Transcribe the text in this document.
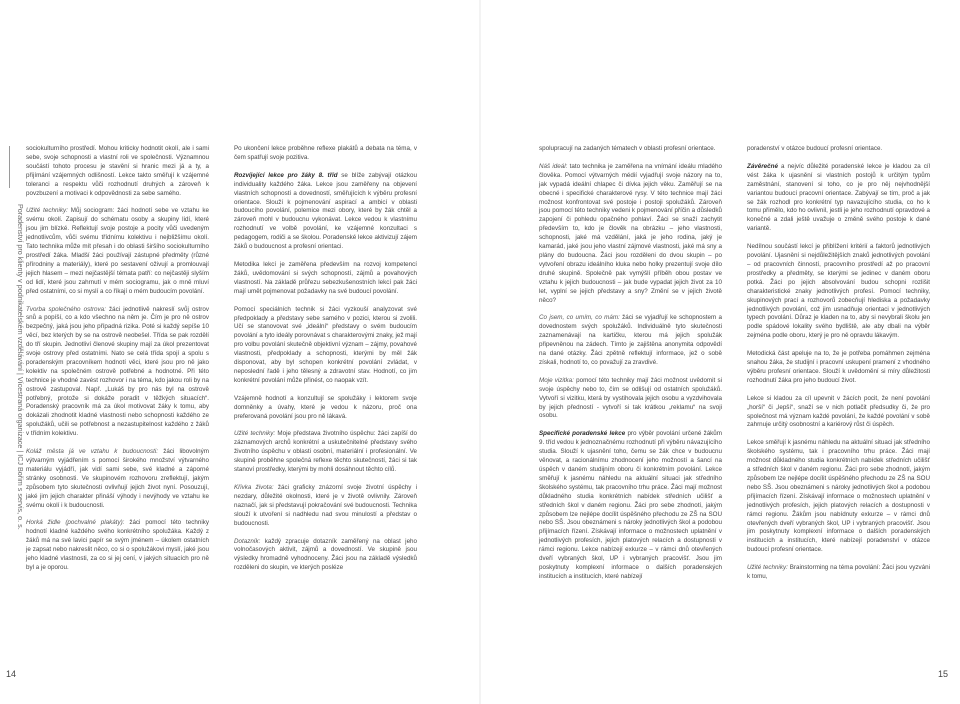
Poradenství pro klienty v podnikatelském vzdělávání | Vícestraná organizace | ICJ Bořim s servis, o. s.

sociokulturního prostředí. Mohou kriticky hodnotit okolí, ale i sami sebe, svoje schopnosti a vlastní roli ve společnosti. Významnou součástí tohoto procesu je stavění si hranic mezi já a ty, a přijímání vzájemných odlišností. Lekce takto směřují k vzájemné toleranci a respektu vůči rozhodnutí druhých a zároveň k povzbuzení a motivaci k odpovědnosti za sebe samého.

Užité techniky: Můj sociogram: žáci hodnotí sebe ve vztahu ke svému okolí. Zapisují do schématu osoby a skupiny lidí, které jsou jim blízké. Reflektují svoje postoje a pocity vůči uvedeným jednotlivcům, vůči svému třídnímu kolektivu i nejbližšímu okolí. Tato technika může mít přesah i do oblasti širšího sociokulturního prostředí žáka. Mladší žáci používají zástupné předměty (různé přírodniny a materiály), které po sestavení oživují a promlouvají jejich hlasem – mezi nejčastější témata patří: co nejčastěji slyším od lidí, které jsou zahrnutí v mém sociogramu, jak o mně mluví před ostatními, co si myslí a co říkají o mém budoucím povolání.

Tvorba společného ostrova: žáci jednotlivě nakreslí svůj ostrov snů a popíší, co a kdo všechno na něm je. Čím je pro ně ostrov bezpečný, jaká jsou jeho případná rizika. Poté si každý sepíše 10 věcí, bez kterých by se na ostrově neobešel. Třída se pak rozdělí do tří skupin. Jednotliví členové skupiny mají za úkol prezentovat svoje ostrovy před ostatními. Nato se celá třída spojí a spolu s poradenským pracovníkem hodnotí věci, které jsou pro ně jako kolektiv na společném ostrově potřebné a hodnotné. Při této technice je vhodné zavést rozhovor i na téma, kdo jakou roli by na ostrově zastupoval. Např. „Lukáš by pro nás byl na ostrově potřebný, protože si dokáže poradit v těžkých situacích“. Poradenský pracovník má za úkol motivovat žáky k tomu, aby dokázali zhodnotit kladné vlastnosti nebo schopnosti každého ze spolužáků, učili se potřebnost a nezastupitelnost každého z žáků v třídním kolektivu.

Koláž města já ve vztahu k budoucnosti: žáci libovolným výtvarným vyjádřením s pomocí širokého množství výtvarného materiálu vyjádří, jak vidí sami sebe, své kladné a záporné stránky osobnosti. Ve skupinovém rozhovoru zreflektují, jakým způsobem tyto skutečnosti ovlivňují jejich život nyní. Posouzují, jaké jim jejich charakter přináší výhody i nevýhody ve vztahu ke svému okolí i k budoucnosti.

Horká židle (pochvalné plakáty): žáci pomocí této techniky hodnotí kladné každého svého konkrétního spolužáka. Každý z žáků má na své lavici papír se svým jménem – úkolem ostatních je zapsat nebo nakreslit něco, co si o spolužákovi myslí, jaké jsou jeho kladné vlastnosti, za co si jej cení, v jakých situacích pro ně byl a je oporou.

Po ukončení lekce proběhne reflexe plakátů a debata na téma, v čem spatřují svoje pozitiva.

Rozvíjející lekce pro žáky 8. tříd se blíže zabývají otázkou individuality každého žáka. Lekce jsou zaměřeny na objevení vlastních schopností a dovedností, směřujících k výběru profesní orientace. Slouží k pojmenování aspirací a ambicí v oblasti budoucího povolání, polemice mezi obory, které by žák chtěl a zároveň mohl v budoucnu vykonávat. Lekce vedou k vlastnímu rozhodnutí ve volbě povolání, ke vzájemné konzultaci s pedagogem, rodiči a se školou. Poradenské lekce aktivizují zájem žáků o budoucnost a profesní orientaci.

Metodika lekcí je zaměřena především na rozvoj kompetencí žáků, uvědomování si svých schopností, zájmů a povahových vlastností. Na základě průřezu sebezkušenostních lekcí pak žáci mají umět pojmenovat požadavky na své budoucí povolání.

Pomocí speciálních technik si žáci vyzkouší analyzovat své předpoklady a představy sebe samého v pozici, kterou si zvolili. Učí se stanovovat své „ideální“ představy o svém budoucím povolání a tyto ideály porovnávat s charakterovými znaky, jež mají pro volbu povolání skutečně objektivní význam – zájmy, povahové vlastnosti, předpoklady a schopnosti, kterými by měl žák disponovat, aby byl schopen konkrétní povolání zvládat, v neposlední řadě i jeho tělesný a zdravotní stav. Hodnotí, co jim konkrétní povolání může přinést, co naopak vzít.

Vzájemně hodnotí a konzultují se spolužáky i lektorem svoje domněnky a úvahy, které je vedou k názoru, proč ona preferovaná povolání jsou pro ně lákavá.

Užité techniky: Moje představa životního úspěchu: žáci zapíší do záznamových archů konkrétní a uskutečnitelné představy svého životního úspěchu v oblasti osobní, materiální i profesionální. Ve skupině proběhne společná reflexe těchto skutečností, žáci si tak stanoví prostředky, kterými by mohli dosáhnout těchto cílů.

Křivka života: žáci graficky znázorní svoje životní úspěchy i nezdary, důležité okolnosti, které je v životě ovlivnily. Zároveň naznačí, jak si představují pokračování své budoucnosti. Technika slouží k utvoření si nadhledu nad svou minulostí a představ o budoucnosti.

Dotazník: každý zpracuje dotazník zaměřený na oblast jeho volnočasových aktivit, zájmů a dovedností. Ve skupině jsou výsledky hromadně vyhodnoceny. Žáci jsou na základě výsledků rozděleni do skupin, ve kterých posléze

spolupracují na zadaných tématech v oblasti profesní orientace.

Náš ideál: tato technika je zaměřena na vnímání ideálu mladého člověka. Pomocí výtvarných médií vyjadřují svoje názory na to, jak vypadá ideální chlapec či dívka jejich věku. Zaměřují se na obecné i specifické charakterové rysy. V této technice mají žáci možnost konfrontovat své postoje i postoji spolužáků. Zároveň jsou pomocí této techniky vedeni k pojmenování příčin a důsledků zapojení či pohledu opačného pohlaví. Žáci se snaží zachytit především to, kdo je člověk na obrázku – jeho vlastnosti, schopnosti, jaké má vzdělání, jaká je jeho rodina, jaký je kamarád, jaké jsou jeho vlastní zájmové vlastnosti, jaké má sny a plány do budoucna. Žáci jsou rozděleni do dvou skupin – po vytvoření obrazu ideálního kluka nebo holky prezentují svoje dílo druhé skupině. Společně pak vymýšlí příběh obou postav ve vztahu k jejich budoucnosti – jak bude vypadat jejich život za 10 let, vyplní se jejich představy a sny? Změní se v jejich životě něco?

Co jsem, co umím, co mám: žáci se vyjadřují ke schopnostem a dovednostem svých spolužáků. Individuálně tyto skutečnosti zaznamenávají na kartičku, kterou má jejich spolužák připevněnou na zádech. Tímto je zajištěna anonymita odpovědí na dané otázky. Žáci zpětně reflektují informace, jež o sobě získali, hodnotí to, co považují za zravdivé.

Moje vizitka: pomocí této techniky mají žáci možnost uvědomit si svoje úspěchy nebo to, čím se odlišují od ostatních spolužáků. Vytvoří si vizitku, která by vystihovala jejich osobu a vyzdvihovala by jejich předností - vytvoří si tak krátkou „reklamu“ na svoji osobu.

Specifické poradenské lekce pro výběr povolání určené žákům 9. tříd vedou k jednoznačnému rozhodnutí při výběru návazujícího studia. Slouží k ujasnění toho, čemu se žák chce v budoucnu věnovat, a racionálnímu zhodnocení jeho možností a šancí na úspěch v daném studijním oboru či konkrétním povolání. Lekce směřují k jasnému náhledu na aktuální situaci jak středního školského systému, tak pracovního trhu práce. Žáci mají možnost důkladného studia konkrétních nabídek středních učilišť a středních škol v daném regionu. Žáci pro sebe zhodnotí, jakým způsobem lze nejlépe docílit úspěšného přechodu ze ZŠ na SOU nebo SŠ. Jsou obeznámeni s nároky jednotlivých škol a podobou přijímacích řízení. Získávají informace o možnostech uplatnění v jednotlivých profesích, jejich platových relacích a dostupnosti v rámci regionu. Lekce nabízejí exkurze – v rámci dnů otevřených dveří vybraných škol, UP i vybraných pracovišť. Jsou jim poskytnuty komplexní informace o dalších poradenských institucích a institucích, které nabízejí

poradenství v otázce budoucí profesní orientace.

Závěrečné a nejvíc důležité poradenské lekce je kladou za cíl vést žáka k ujasnění si vlastních postojů k určitým typům zaměstnání, stanovení si toho, co je pro něj nejvhodnější variantou budoucí pracovní orientace. Zabývají se tím, proč a jak se žák rozhodl pro konkrétní typ navazujícího studia, co ho k tomu přimělo, kdo ho ovlivnil, jestli je jeho rozhodnutí opravdové a konečné a zdali ještě uvažuje o změně svého postoje k dané variantě.

Nedílnou součástí lekcí je přiblížení kritérií a faktorů jednotlivých povolání. Ujasnění si nejdůležitějších znaků jednotlivých povolání – od pracovních činností, pracovního prostředí až po pracovní prostředky a předměty, se kterými se jedinec v daném oboru potká. Žáci po jejich absolvování budou schopni rozlišit charakteristické znaky jednotlivých profesí. Pomocí techniky, skupinových prací a rozhovorů zobecňují hlediska a požadavky jednotlivých povolání, což jim usnadňuje orientaci v jednotlivých typech povolání. Důraz je kladen na to, aby si nevybrali školu jen podle spádové lokality svého bydliště, ale aby dbali na výběr zejména podle oboru, který je pro ně opravdu lákavým.

Metodická část apeluje na to, že je potřeba pomáhmen zejména snahou žáka, že studijní i pracovní uskupení pramení z vhodného výběru profesní orientace. Slouží k uvědomění si míry důležitosti rozhodnutí žáka pro jeho budoucí život.

Lekce si kladou za cíl upevnit v žácích pocit, že není povolání „horší“ či „lepší“, snaží se v nich potlačit předsudky či, že pro společnost má význam každé povolání, že každé povolání v sobě zahrnuje určitý osobnostní a kariérový růst či úspěch.

Lekce směřují k jasnému náhledu na aktuální situaci jak středního školského systému, tak i pracovního trhu práce. Žáci mají možnost důkladného studia konkrétních nabídek středních učilišť a středních škol v daném regionu. Žáci pro sebe zhodnotí, jakým způsobem lze nejlépe docílit úspěšného přechodu ze ZŠ na SOU nebo SŠ. Jsou obeznámeni s nároky jednotlivých škol a podobou přijímacích řízení. Získávají informace o možnostech uplatnění v jednotlivých profesích, jejich platových relacích a dostupnosti v rámci regionu. Žákům jsou nabídnuty exkurze – v rámci dnů otevřených dveří vybraných škol, UP i vybraných pracovišť. Jsou jim poskytnuty komplexní informace o dalších poradenských institucích a institucích, které nabízejí poradenství v otázce budoucí profesní orientace.

Užité techniky: Brainstorming na téma povolání: Žáci jsou vyzváni k tomu,

14	15
